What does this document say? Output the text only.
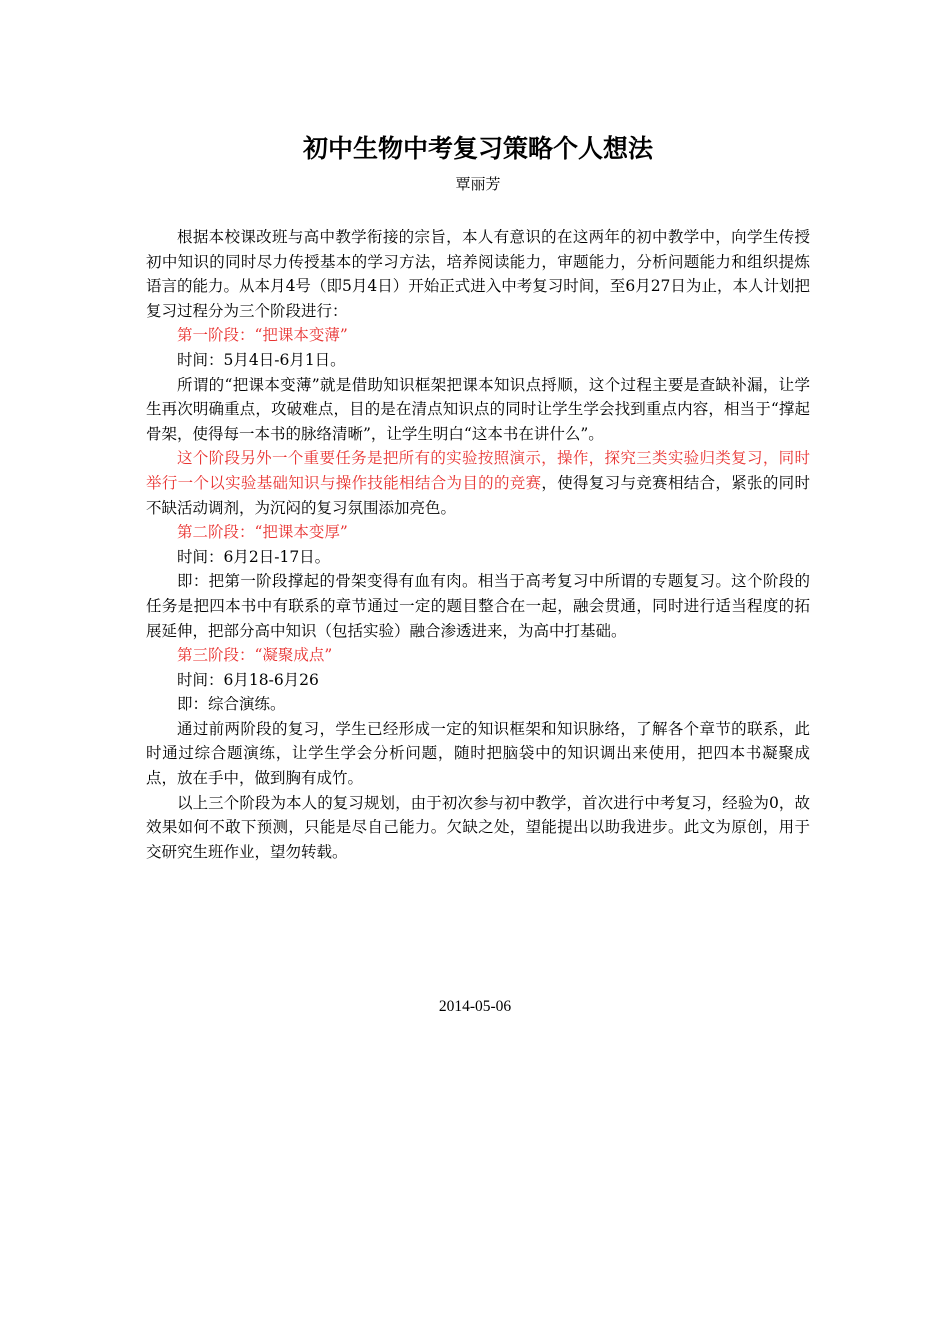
初中生物中考复习策略个人想法
覃丽芳

根据本校课改班与高中教学衔接的宗旨，本人有意识的在这两年的初中教学中，向学生传授初中知识的同时尽力传授基本的学习方法，培养阅读能力，审题能力，分析问题能力和组织提炼语言的能力。从本月4号（即5月4日）开始正式进入中考复习时间，至6月27日为止，本人计划把复习过程分为三个阶段进行：

第一阶段：“把课本变薄”

时间：5月4日-6月1日。

所谓的“把课本变薄”就是借助知识框架把课本知识点捋顺，这个过程主要是查缺补漏，让学生再次明确重点，攻破难点，目的是在清点知识点的同时让学生学会找到重点内容，相当于“撑起骨架，使得每一本书的脉络清晰”，让学生明白“这本书在讲什么”。

这个阶段另外一个重要任务是把所有的实验按照演示，操作，探究三类实验归类复习，同时举行一个以实验基础知识与操作技能相结合为目的的竞赛，使得复习与竞赛相结合，紧张的同时不缺活动调剂，为沉闷的复习氛围添加亮色。

第二阶段：“把课本变厚”

时间：6月2日-17日。

即：把第一阶段撑起的骨架变得有血有肉。相当于高考复习中所谓的专题复习。这个阶段的任务是把四本书中有联系的章节通过一定的题目整合在一起，融会贯通，同时进行适当程度的拓展延伸，把部分高中知识（包括实验）融合渗透进来，为高中打基础。

第三阶段：“凝聚成点”

时间：6月18-6月26

即：综合演练。

通过前两阶段的复习，学生已经形成一定的知识框架和知识脉络，了解各个章节的联系，此时通过综合题演练，让学生学会分析问题，随时把脑袋中的知识调出来使用，把四本书凝聚成点，放在手中，做到胸有成竹。

以上三个阶段为本人的复习规划，由于初次参与初中教学，首次进行中考复习，经验为0，故效果如何不敢下预测，只能是尽自己能力。欠缺之处，望能提出以助我进步。此文为原创，用于交研究生班作业，望勿转载。

2014-05-06
